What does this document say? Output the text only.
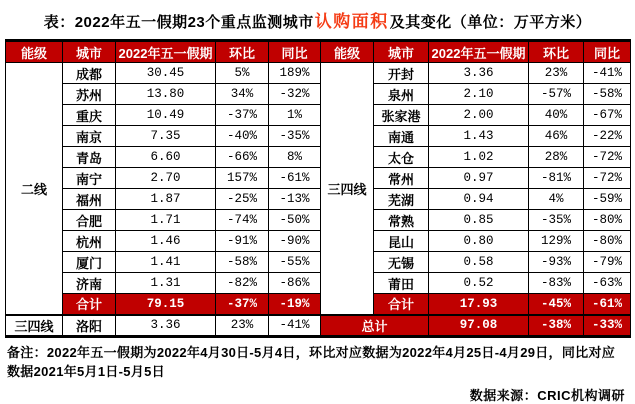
表：2022年五一假期23个重点监测城市认购面积及其变化（单位：万平方米）
能级	城市	2022年五一假期	环比	同比	能级	城市	2022年五一假期	环比	同比
二线	成都	30.45	5%	189%	三四线	开封	3.36	23%	-41%
	苏州	13.80	34%	-32%		泉州	2.10	-57%	-58%
	重庆	10.49	-37%	1%		张家港	2.00	40%	-67%
	南京	7.35	-40%	-35%		南通	1.43	46%	-22%
	青岛	6.60	-66%	8%		太仓	1.02	28%	-72%
	南宁	2.70	157%	-61%		常州	0.97	-81%	-72%
	福州	1.87	-25%	-13%		芜湖	0.94	4%	-59%
	合肥	1.71	-74%	-50%		常熟	0.85	-35%	-80%
	杭州	1.46	-91%	-90%		昆山	0.80	129%	-80%
	厦门	1.41	-58%	-55%		无锡	0.58	-93%	-79%
	济南	1.31	-82%	-86%		莆田	0.52	-83%	-63%
	合计	79.15	-37%	-19%		合计	17.93	-45%	-61%
三四线	洛阳	3.36	23%	-41%	总计		97.08	-38%	-33%
备注：2022年五一假期为2022年4月30日-5月4日，环比对应数据为2022年4月25日-4月29日，同比对应数据2021年5月1日-5月5日
数据来源：CRIC机构调研
